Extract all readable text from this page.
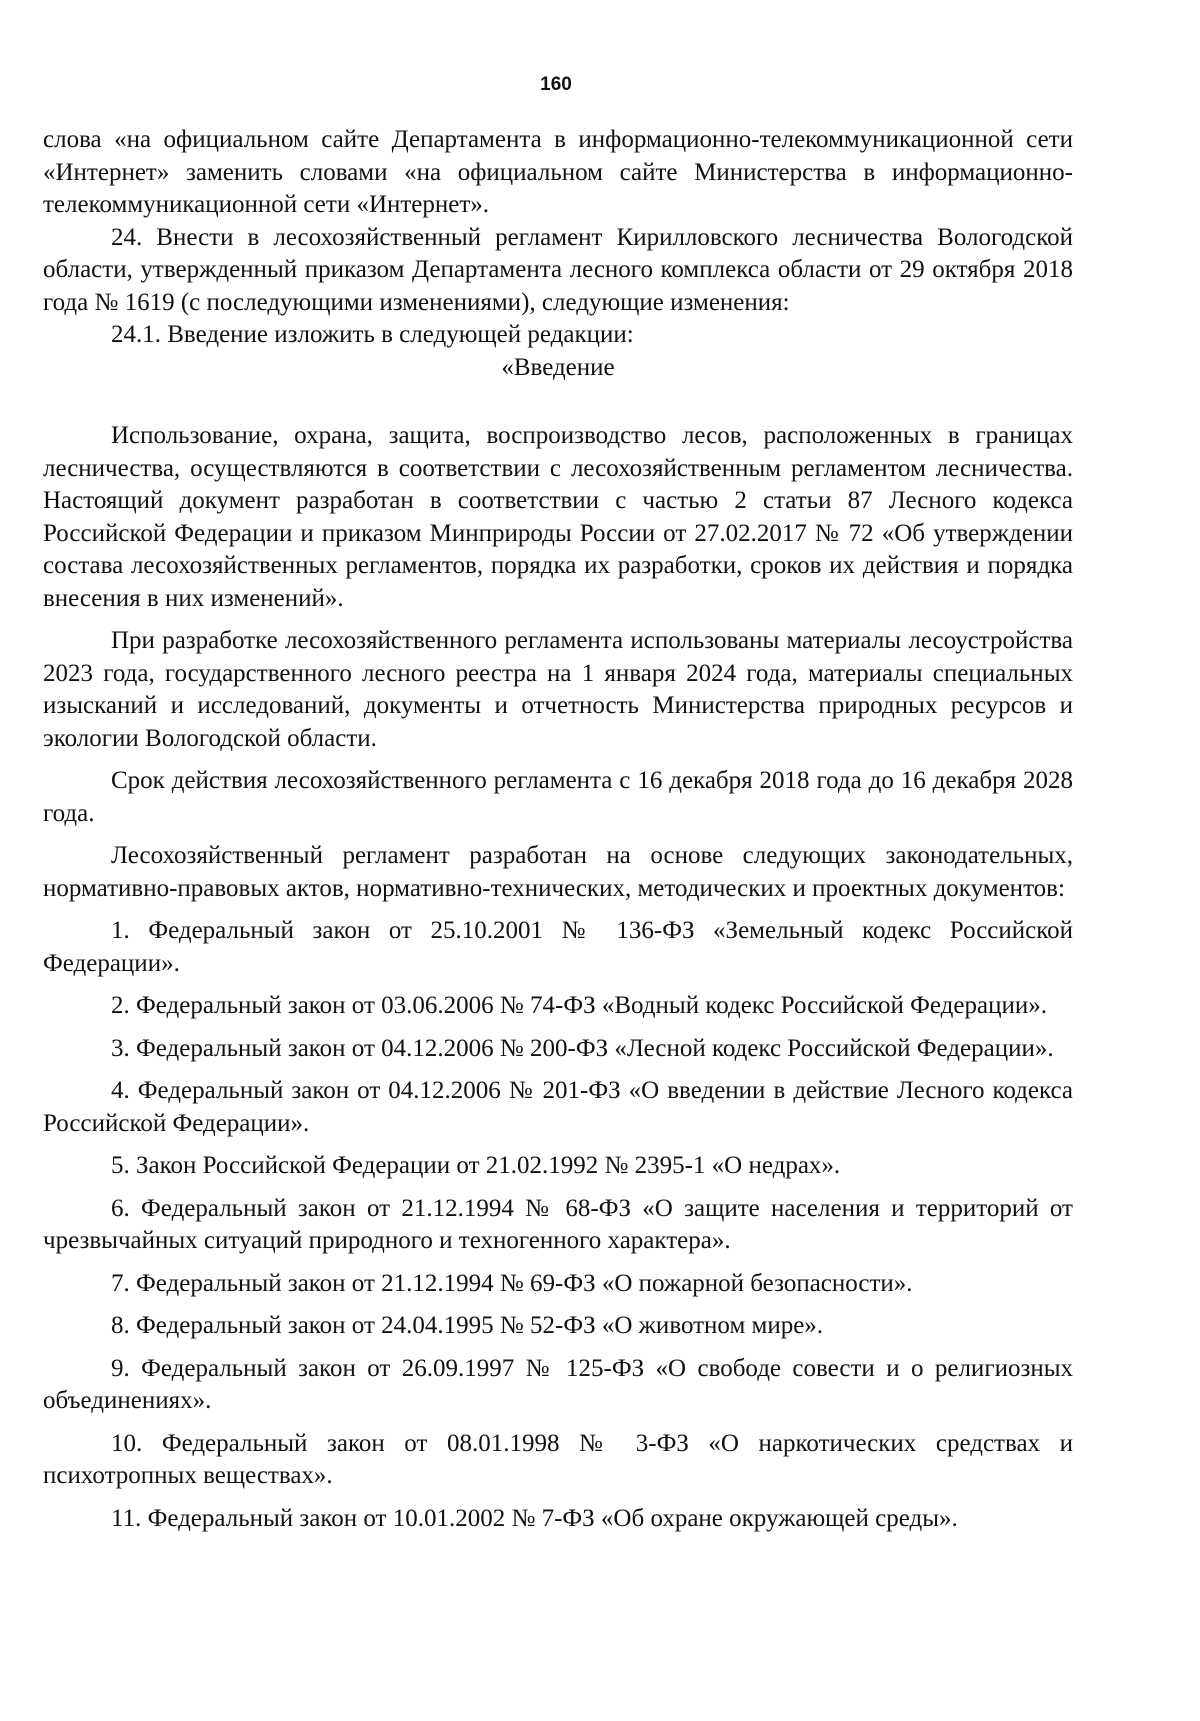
160

слова «на официальном сайте Департамента в информационно-телекоммуникационной сети «Интернет» заменить словами «на официальном сайте Министерства в информационно-телекоммуникационной сети «Интернет».

24. Внести в лесохозяйственный регламент Кирилловского лесничества Вологодской области, утвержденный приказом Департамента лесного комплекса области от 29 октября 2018 года № 1619 (с последующими изменениями), следующие изменения:

24.1. Введение изложить в следующей редакции:

«Введение

Использование, охрана, защита, воспроизводство лесов, расположенных в границах лесничества, осуществляются в соответствии с лесохозяйственным регламентом лесничества. Настоящий документ разработан в соответствии с частью 2 статьи 87 Лесного кодекса Российской Федерации и приказом Минприроды России от 27.02.2017 № 72 «Об утверждении состава лесохозяйственных регламентов, порядка их разработки, сроков их действия и порядка внесения в них изменений».

При разработке лесохозяйственного регламента использованы материалы лесоустройства 2023 года, государственного лесного реестра на 1 января 2024 года, материалы специальных изысканий и исследований, документы и отчетность Министерства природных ресурсов и экологии Вологодской области.

Срок действия лесохозяйственного регламента с 16 декабря 2018 года до 16 декабря 2028 года.

Лесохозяйственный регламент разработан на основе следующих законодательных, нормативно-правовых актов, нормативно-технических, методических и проектных документов:

1. Федеральный закон от 25.10.2001 № 136-ФЗ «Земельный кодекс Российской Федерации».

2. Федеральный закон от 03.06.2006 № 74-ФЗ «Водный кодекс Российской Федерации».

3. Федеральный закон от 04.12.2006 № 200-ФЗ «Лесной кодекс Российской Федерации».

4. Федеральный закон от 04.12.2006 № 201-ФЗ «О введении в действие Лесного кодекса Российской Федерации».

5. Закон Российской Федерации от 21.02.1992 № 2395-1 «О недрах».

6. Федеральный закон от 21.12.1994 № 68-ФЗ «О защите населения и территорий от чрезвычайных ситуаций природного и техногенного характера».

7. Федеральный закон от 21.12.1994 № 69-ФЗ «О пожарной безопасности».

8. Федеральный закон от 24.04.1995 № 52-ФЗ «О животном мире».

9. Федеральный закон от 26.09.1997 № 125-ФЗ «О свободе совести и о религиозных объединениях».

10. Федеральный закон от 08.01.1998 № 3-ФЗ «О наркотических средствах и психотропных веществах».

11. Федеральный закон от 10.01.2002 № 7-ФЗ «Об охране окружающей среды».
